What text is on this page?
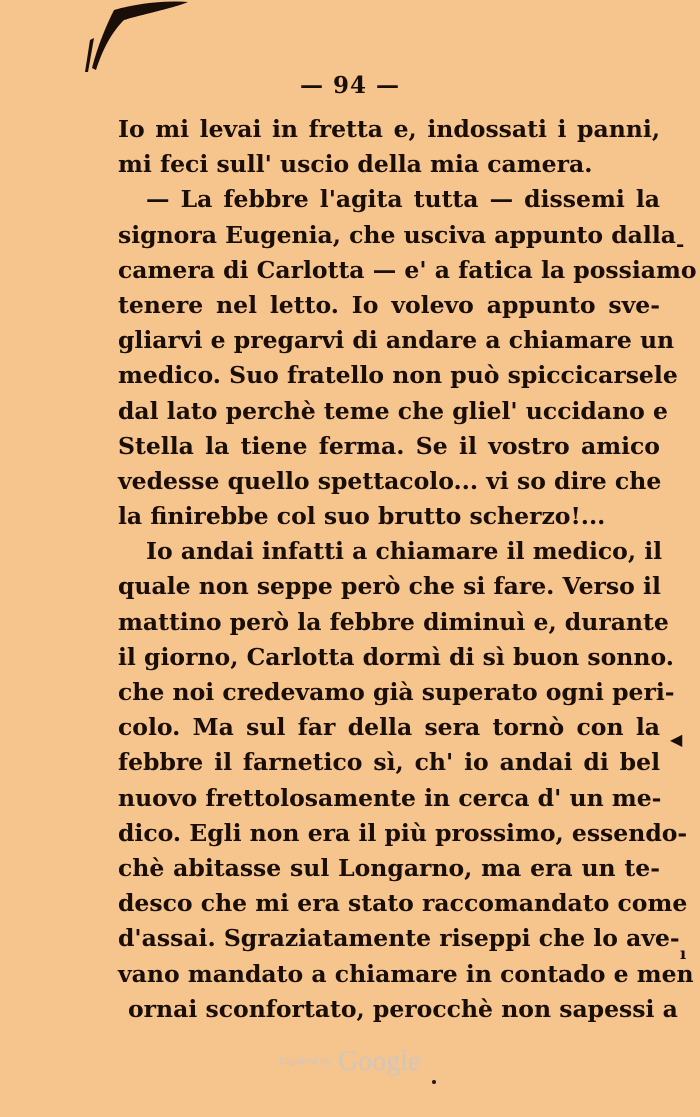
— 94 —
Io mi levai in fretta e, indossati i panni,
mi feci sull' uscio della mia camera.
— La febbre l'agita tutta — dissemi la
signora Eugenia, che usciva appunto dalla
camera di Carlotta — e' a fatica la possiamo
tenere nel letto. Io volevo appunto sve-
gliarvi e pregarvi di andare a chiamare un
medico. Suo fratello non può spiccicarsele
dal lato perchè teme che gliel' uccidano e
Stella la tiene ferma. Se il vostro amico
vedesse quello spettacolo... vi so dire che
la finirebbe col suo brutto scherzo!...
Io andai infatti a chiamare il medico, il
quale non seppe però che si fare. Verso il
mattino però la febbre diminuì e, durante
il giorno, Carlotta dormì di sì buon sonno.
che noi credevamo già superato ogni peri-
colo. Ma sul far della sera tornò con la
febbre il farnetico sì, ch' io andai di bel
nuovo frettolosamente in cerca d' un me-
dico. Egli non era il più prossimo, essendo-
chè abitasse sul Longarno, ma era un te-
desco che mi era stato raccomandato come
d'assai. Sgraziatamente riseppi che lo ave-
vano mandato a chiamare in contado e men
ornai sconfortato, perocchè non sapessi a
-
◀
ı
Digitized by Google
